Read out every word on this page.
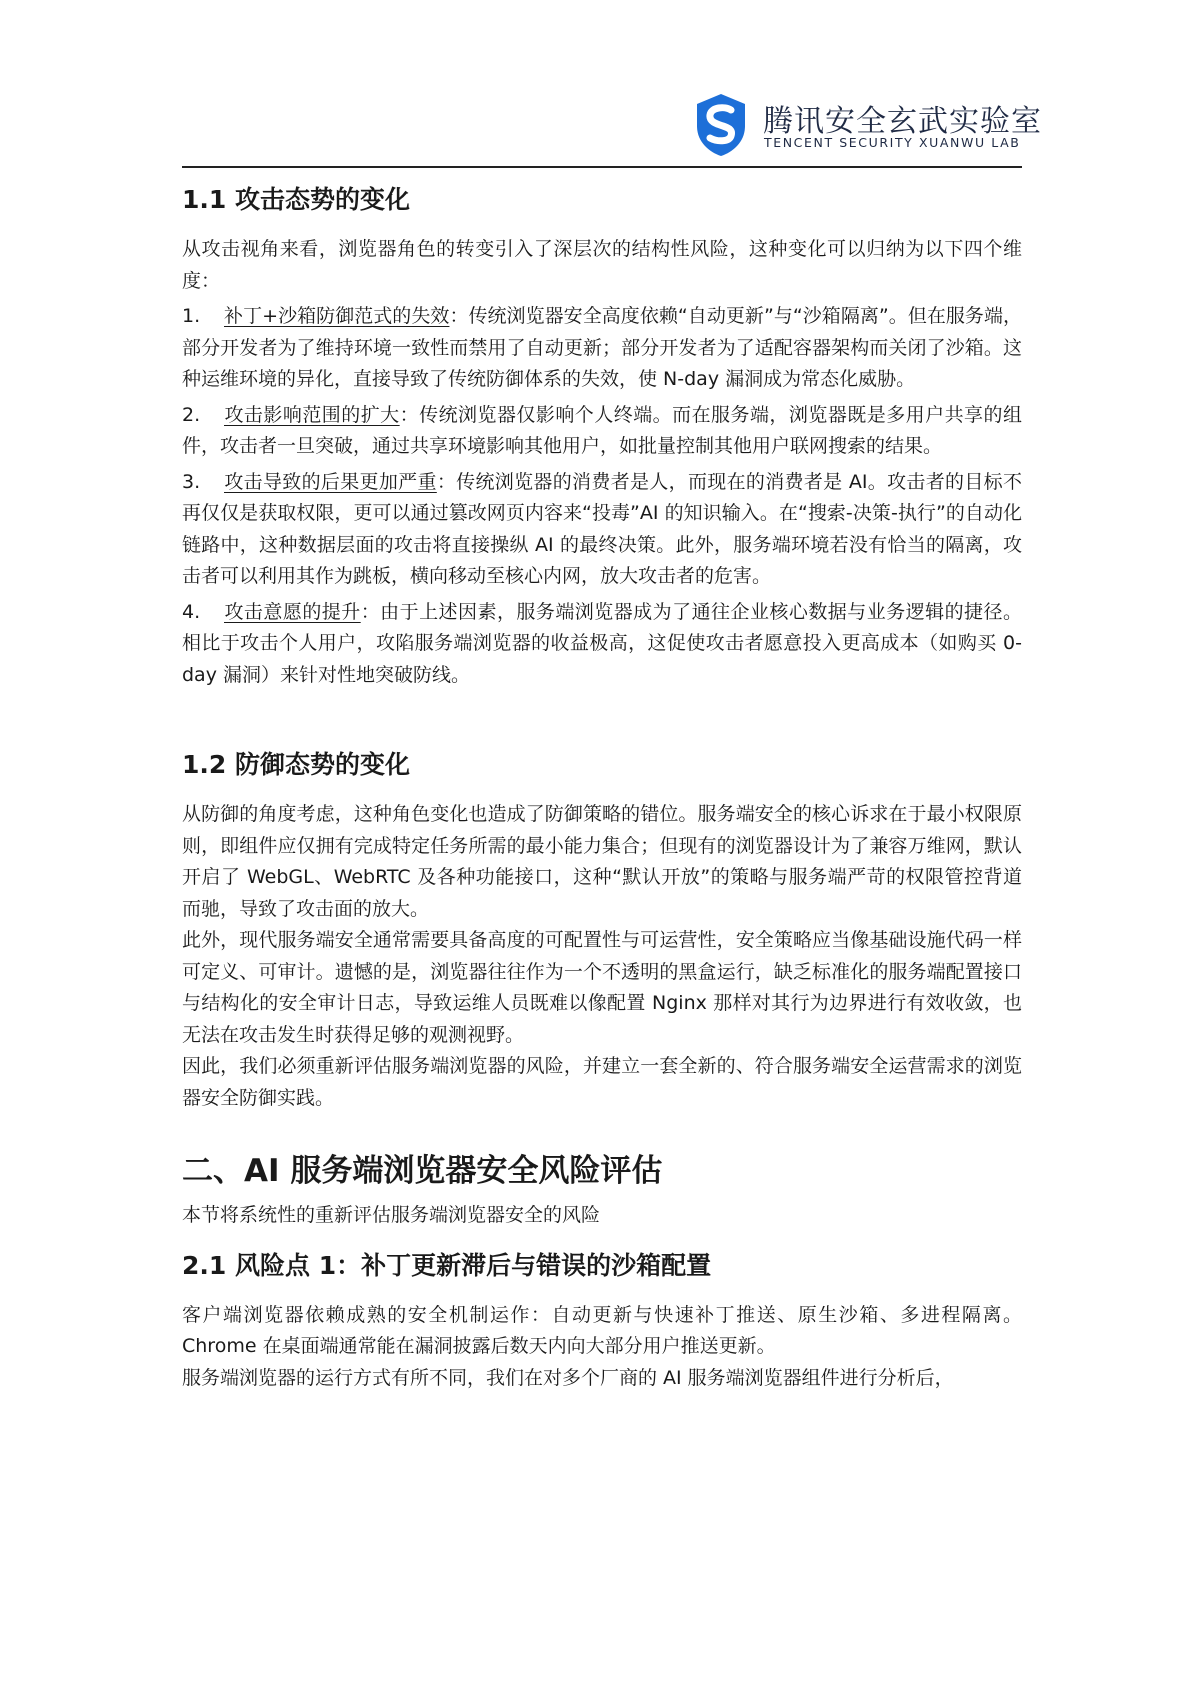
腾讯安全玄武实验室
TENCENT SECURITY XUANWU LAB
1.1 攻击态势的变化

从攻击视角来看，浏览器角色的转变引入了深层次的结构性风险，这种变化可以归纳为以下四个维度：

1. 补丁+沙箱防御范式的失效：传统浏览器安全高度依赖“自动更新”与“沙箱隔离”。但在服务端，部分开发者为了维持环境一致性而禁用了自动更新；部分开发者为了适配容器架构而关闭了沙箱。这种运维环境的异化，直接导致了传统防御体系的失效，使 N-day 漏洞成为常态化威胁。

2. 攻击影响范围的扩大：传统浏览器仅影响个人终端。而在服务端，浏览器既是多用户共享的组件，攻击者一旦突破，通过共享环境影响其他用户，如批量控制其他用户联网搜索的结果。

3. 攻击导致的后果更加严重：传统浏览器的消费者是人，而现在的消费者是 AI。攻击者的目标不再仅仅是获取权限，更可以通过篡改网页内容来“投毒”AI 的知识输入。在“搜索-决策-执行”的自动化链路中，这种数据层面的攻击将直接操纵 AI 的最终决策。此外，服务端环境若没有恰当的隔离，攻击者可以利用其作为跳板，横向移动至核心内网，放大攻击者的危害。

4. 攻击意愿的提升：由于上述因素，服务端浏览器成为了通往企业核心数据与业务逻辑的捷径。相比于攻击个人用户，攻陷服务端浏览器的收益极高，这促使攻击者愿意投入更高成本（如购买 0-day 漏洞）来针对性地突破防线。

1.2 防御态势的变化

从防御的角度考虑，这种角色变化也造成了防御策略的错位。服务端安全的核心诉求在于最小权限原则，即组件应仅拥有完成特定任务所需的最小能力集合；但现有的浏览器设计为了兼容万维网，默认开启了 WebGL、WebRTC 及各种功能接口，这种“默认开放”的策略与服务端严苛的权限管控背道而驰，导致了攻击面的放大。

此外，现代服务端安全通常需要具备高度的可配置性与可运营性，安全策略应当像基础设施代码一样可定义、可审计。遗憾的是，浏览器往往作为一个不透明的黑盒运行，缺乏标准化的服务端配置接口与结构化的安全审计日志，导致运维人员既难以像配置 Nginx 那样对其行为边界进行有效收敛，也无法在攻击发生时获得足够的观测视野。

因此，我们必须重新评估服务端浏览器的风险，并建立一套全新的、符合服务端安全运营需求的浏览器安全防御实践。

二、AI 服务端浏览器安全风险评估

本节将系统性的重新评估服务端浏览器安全的风险

2.1 风险点 1：补丁更新滞后与错误的沙箱配置

客户端浏览器依赖成熟的安全机制运作：自动更新与快速补丁推送、原生沙箱、多进程隔离。Chrome 在桌面端通常能在漏洞披露后数天内向大部分用户推送更新。

服务端浏览器的运行方式有所不同，我们在对多个厂商的 AI 服务端浏览器组件进行分析后，
